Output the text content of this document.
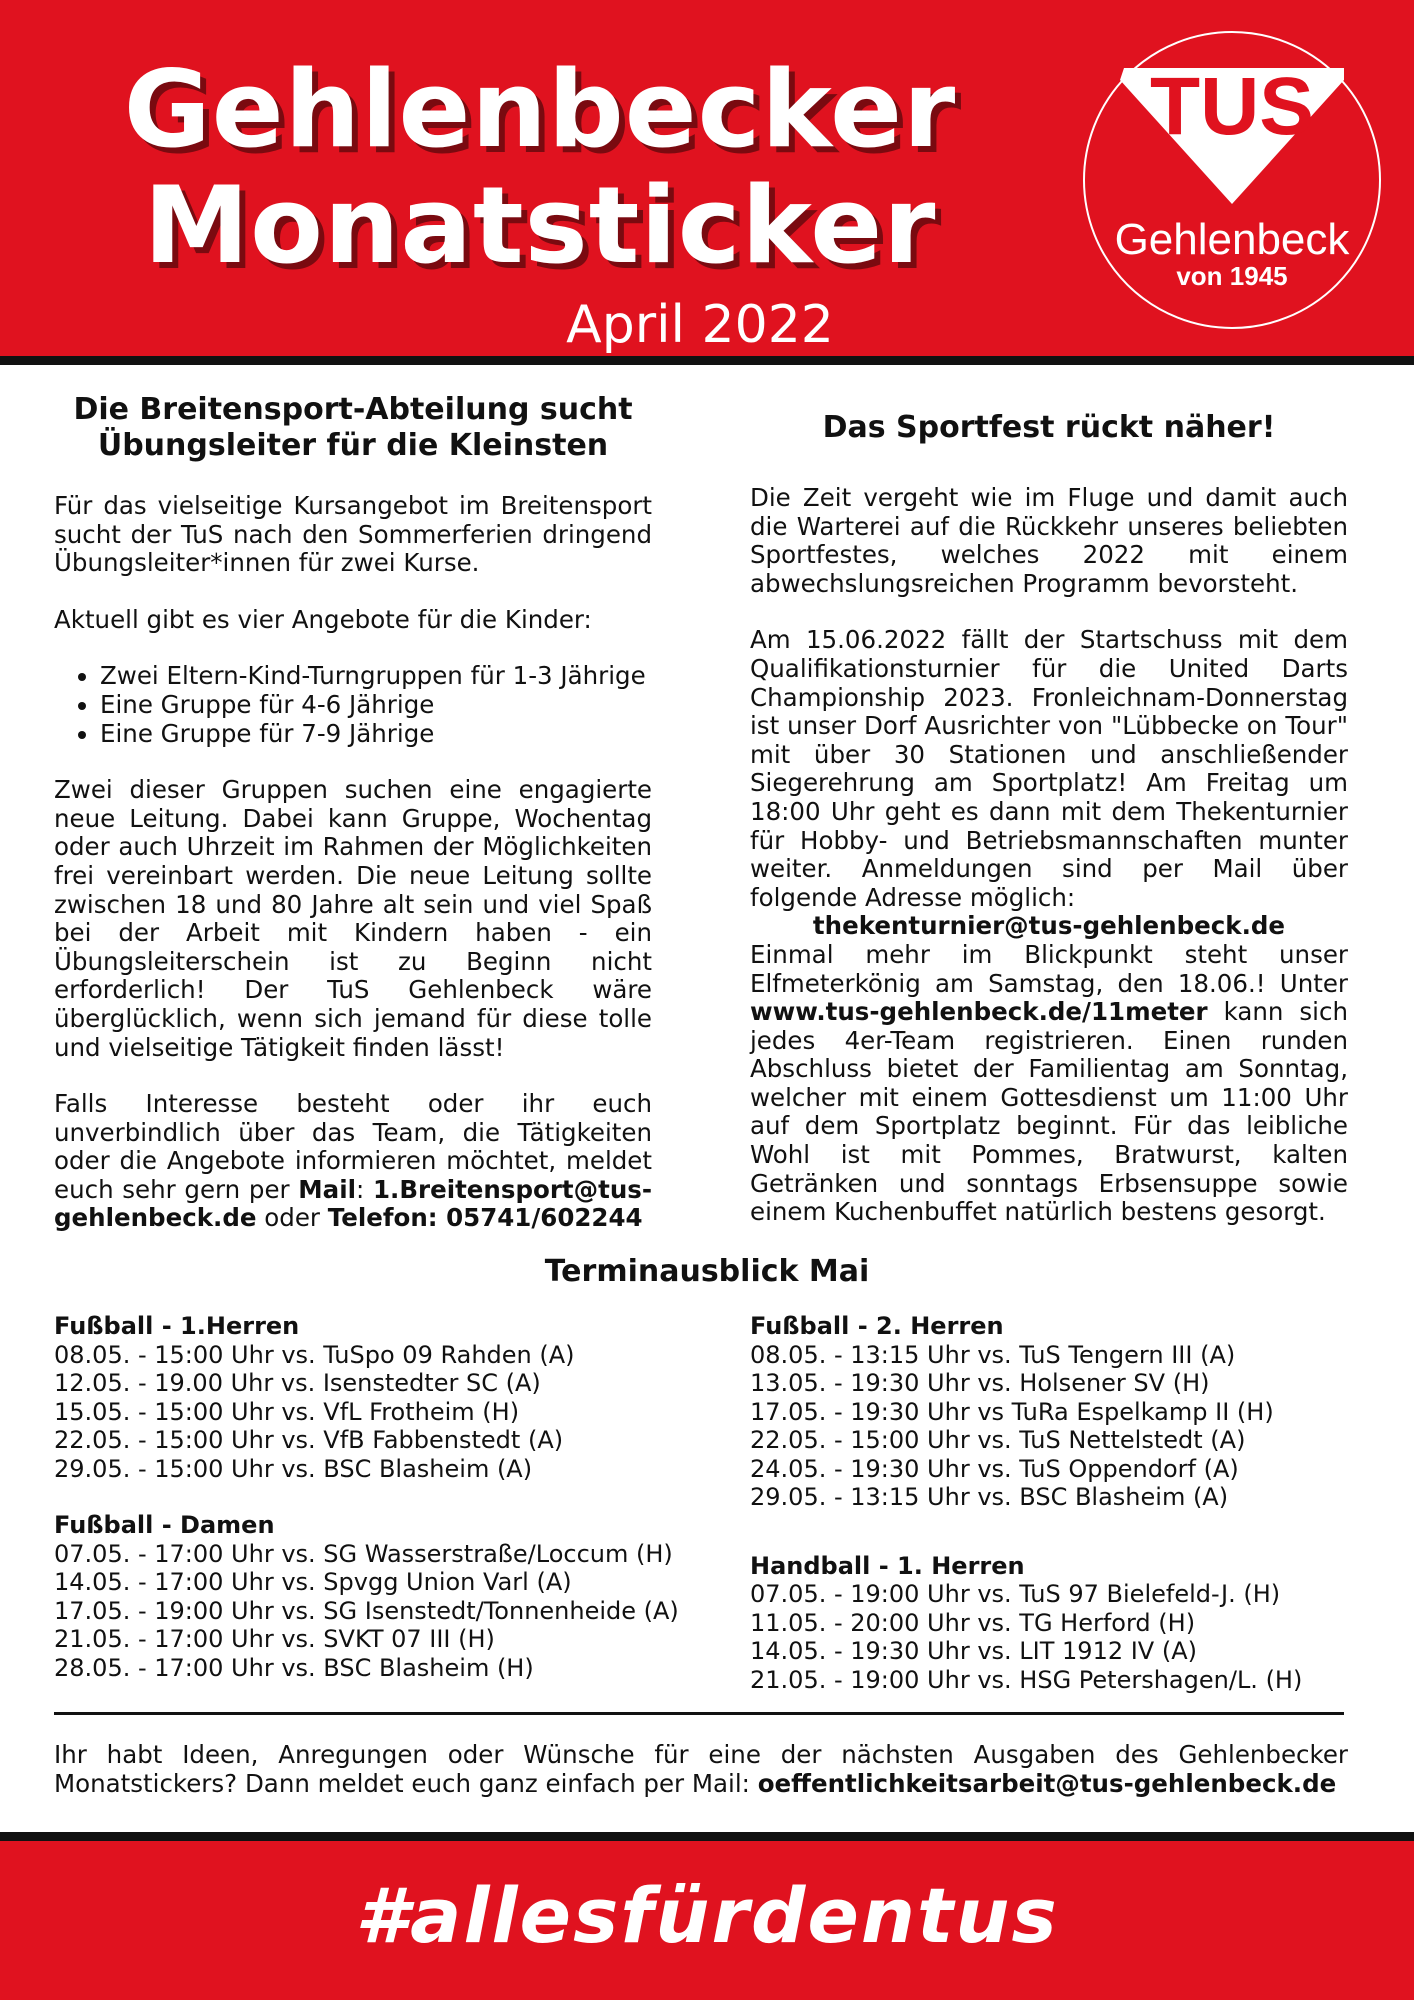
Gehlenbecker
Monatsticker
April 2022
TUS
Gehlenbeck
von 1945
Die Breitensport-Abteilung sucht
Übungsleiter für die Kleinsten

Für das vielseitige Kursangebot im Breitensport sucht der TuS nach den Sommerferien dringend Übungsleiter*innen für zwei Kurse.

Aktuell gibt es vier Angebote für die Kinder:

• Zwei Eltern-Kind-Turngruppen für 1-3 Jährige
• Eine Gruppe für 4-6 Jährige
• Eine Gruppe für 7-9 Jährige

Zwei dieser Gruppen suchen eine engagierte neue Leitung. Dabei kann Gruppe, Wochentag oder auch Uhrzeit im Rahmen der Möglichkeiten frei vereinbart werden. Die neue Leitung sollte zwischen 18 und 80 Jahre alt sein und viel Spaß bei der Arbeit mit Kindern haben - ein Übungsleiterschein ist zu Beginn nicht erforderlich! Der TuS Gehlenbeck wäre überglücklich, wenn sich jemand für diese tolle und vielseitige Tätigkeit finden lässt!

Falls Interesse besteht oder ihr euch unverbindlich über das Team, die Tätigkeiten oder die Angebote informieren möchtet, meldet euch sehr gern per Mail: 1.Breitensport@tus-gehlenbeck.de oder Telefon: 05741/602244

Das Sportfest rückt näher!

Die Zeit vergeht wie im Fluge und damit auch die Warterei auf die Rückkehr unseres beliebten Sportfestes, welches 2022 mit einem abwechslungsreichen Programm bevorsteht.

Am 15.06.2022 fällt der Startschuss mit dem Qualifikationsturnier für die United Darts Championship 2023. Fronleichnam-Donnerstag ist unser Dorf Ausrichter von "Lübbecke on Tour" mit über 30 Stationen und anschließender Siegerehrung am Sportplatz! Am Freitag um 18:00 Uhr geht es dann mit dem Thekenturnier für Hobby- und Betriebsmannschaften munter weiter. Anmeldungen sind per Mail über folgende Adresse möglich:

thekenturnier@tus-gehlenbeck.de

Einmal mehr im Blickpunkt steht unser Elfmeterkönig am Samstag, den 18.06.! Unter www.tus-gehlenbeck.de/11meter kann sich jedes 4er-Team registrieren. Einen runden Abschluss bietet der Familientag am Sonntag, welcher mit einem Gottesdienst um 11:00 Uhr auf dem Sportplatz beginnt. Für das leibliche Wohl ist mit Pommes, Bratwurst, kalten Getränken und sonntags Erbsensuppe sowie einem Kuchenbuffet natürlich bestens gesorgt.

Terminausblick Mai
Fußball - 1.Herren
08.05. - 15:00 Uhr vs. TuSpo 09 Rahden (A)
12.05. - 19.00 Uhr vs. Isenstedter SC (A)
15.05. - 15:00 Uhr vs. VfL Frotheim (H)
22.05. - 15:00 Uhr vs. VfB Fabbenstedt (A)
29.05. - 15:00 Uhr vs. BSC Blasheim (A)
Fußball - Damen
07.05. - 17:00 Uhr vs. SG Wasserstraße/Loccum (H)
14.05. - 17:00 Uhr vs. Spvgg Union Varl (A)
17.05. - 19:00 Uhr vs. SG Isenstedt/Tonnenheide (A)
21.05. - 17:00 Uhr vs. SVKT 07 III (H)
28.05. - 17:00 Uhr vs. BSC Blasheim (H)
Fußball - 2. Herren
08.05. - 13:15 Uhr vs. TuS Tengern III (A)
13.05. - 19:30 Uhr vs. Holsener SV (H)
17.05. - 19:30 Uhr vs TuRa Espelkamp II (H)
22.05. - 15:00 Uhr vs. TuS Nettelstedt (A)
24.05. - 19:30 Uhr vs. TuS Oppendorf (A)
29.05. - 13:15 Uhr vs. BSC Blasheim (A)
Handball - 1. Herren
07.05. - 19:00 Uhr vs. TuS 97 Bielefeld-J. (H)
11.05. - 20:00 Uhr vs. TG Herford (H)
14.05. - 19:30 Uhr vs. LIT 1912 IV (A)
21.05. - 19:00 Uhr vs. HSG Petershagen/L. (H)

Ihr habt Ideen, Anregungen oder Wünsche für eine der nächsten Ausgaben des Gehlenbecker Monatstickers? Dann meldet euch ganz einfach per Mail: oeffentlichkeitsarbeit@tus-gehlenbeck.de

#allesfürdentus
